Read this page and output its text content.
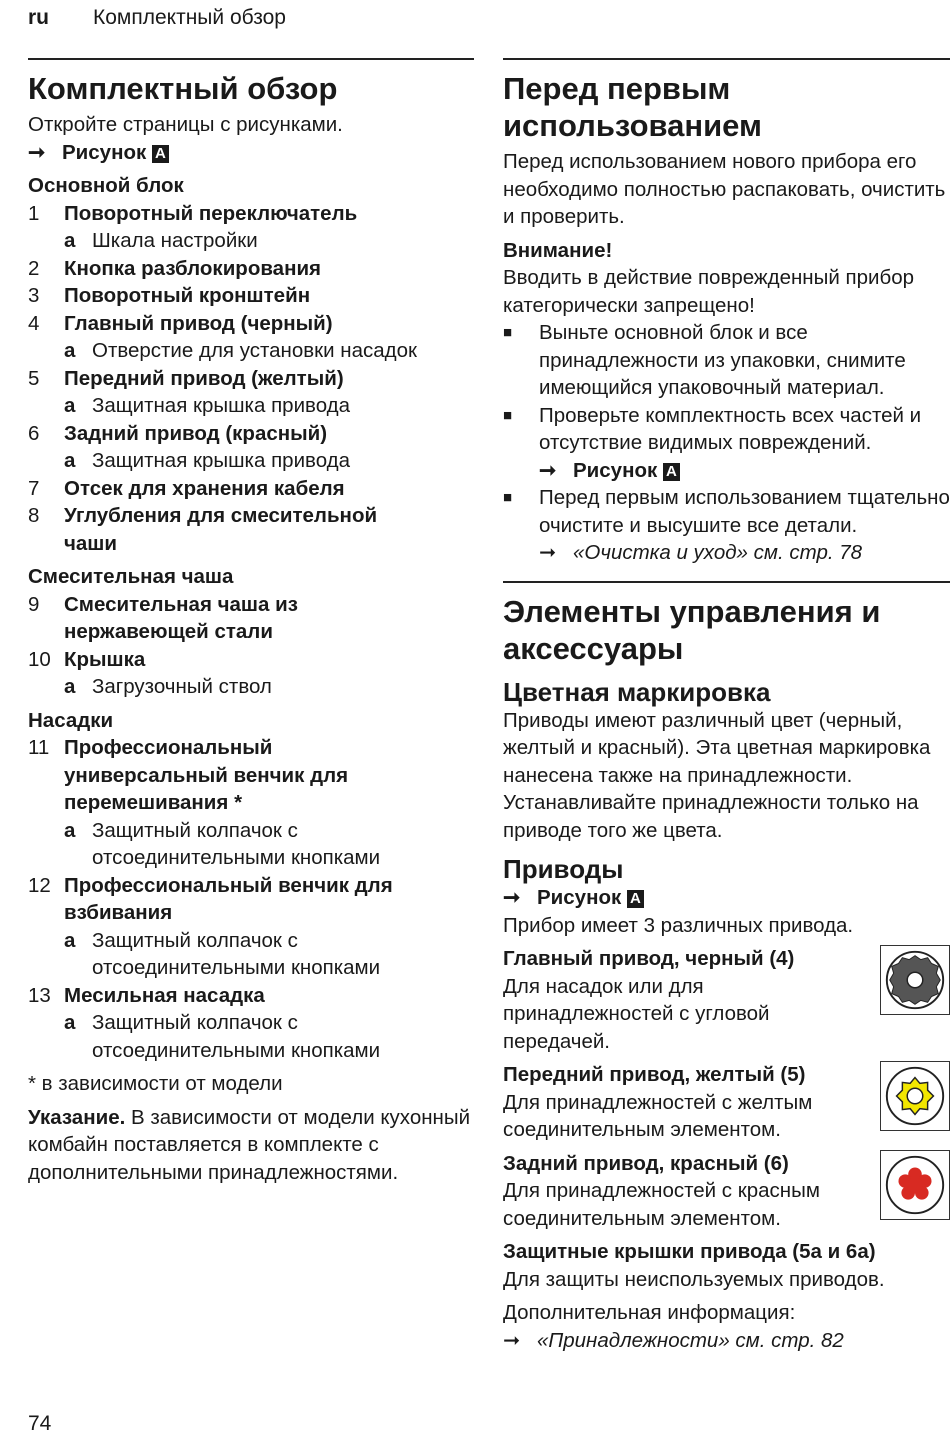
ru Комплектный обзор
Комплектный обзор

Откройте страницы с рисунками.

➞ Рисунок A
Основной блок
1	Поворотный переключатель
a Шкала настройки
2	Кнопка разблокирования
3	Поворотный кронштейн
4	Главный привод (черный)
a Отверстие для установки насадок
5	Передний привод (желтый)
a Защитная крышка привода
6	Задний привод (красный)
a Защитная крышка привода
7	Отсек для хранения кабеля
8	Углубления для смесительной чаши
Смесительная чаша
9	Смесительная чаша из нержавеющей стали
10 Крышка
a Загрузочный ствол
Насадки
11 Профессиональный универсальный венчик для перемешивания *
a Защитный колпачок с отсоединительными кнопками
12 Профессиональный венчик для взбивания
a Защитный колпачок с отсоединительными кнопками
13 Месильная насадка
a Защитный колпачок с отсоединительными кнопками

* в зависимости от модели

Указание. В зависимости от модели кухонный комбайн поставляется в комплекте с дополнительными принадлежностями.

Перед первым использованием

Перед использованием нового прибора его необходимо полностью распаковать, очистить и проверить.

Внимание!

Вводить в действие поврежденный прибор категорически запрещено!

■	Выньте основной блок и все принадлежности из упаковки, снимите имеющийся упаковочный материал.
■	Проверьте комплектность всех частей и отсутствие видимых повреждений.
➞ Рисунок A
■	Перед первым использованием тщательно очистите и высушите все детали.
➞ «Очистка и уход» см. стр. 78
Элементы управления и аксессуары
Цветная маркировка

Приводы имеют различный цвет (черный, желтый и красный). Эта цветная маркировка нанесена также на принадлежности. Устанавливайте принадлежности только на приводе того же цвета.

Приводы
➞ Рисунок A

Прибор имеет 3 различных привода.

Главный привод, черный (4)

Для насадок или для принадлежностей с угловой передачей.

Передний привод, желтый (5)

Для принадлежностей с желтым соединительным элементом.

Задний привод, красный (6)

Для принадлежностей с красным соединительным элементом.

Защитные крышки привода (5a и 6a)

Для защиты неиспользуемых приводов.

Дополнительная информация:

➞ «Принадлежности» см. стр. 82
74
